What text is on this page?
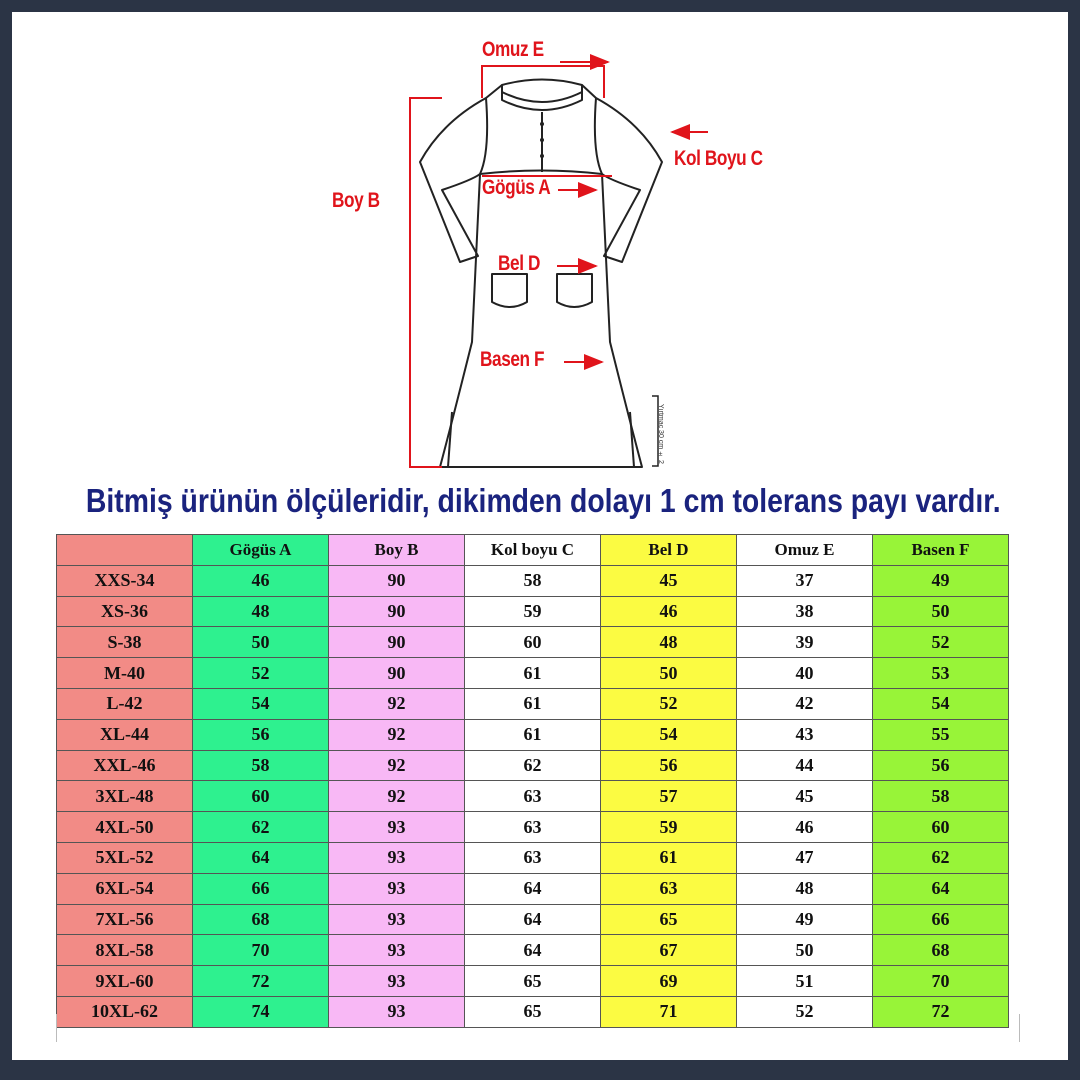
Omuz E
Boy B
Kol Boyu C
Gögüs A
Bel D
Basen F
Yırtmaç 30 cm ± 2
Bitmiş ürünün ölçüleridir, dikimden dolayı 1 cm tolerans payı vardır.
	Gögüs A	Boy B	Kol boyu C	Bel D	Omuz E	Basen F
XXS-34	46	90	58	45	37	49
XS-36	48	90	59	46	38	50
S-38	50	90	60	48	39	52
M-40	52	90	61	50	40	53
L-42	54	92	61	52	42	54
XL-44	56	92	61	54	43	55
XXL-46	58	92	62	56	44	56
3XL-48	60	92	63	57	45	58
4XL-50	62	93	63	59	46	60
5XL-52	64	93	63	61	47	62
6XL-54	66	93	64	63	48	64
7XL-56	68	93	64	65	49	66
8XL-58	70	93	64	67	50	68
9XL-60	72	93	65	69	51	70
10XL-62	74	93	65	71	52	72
